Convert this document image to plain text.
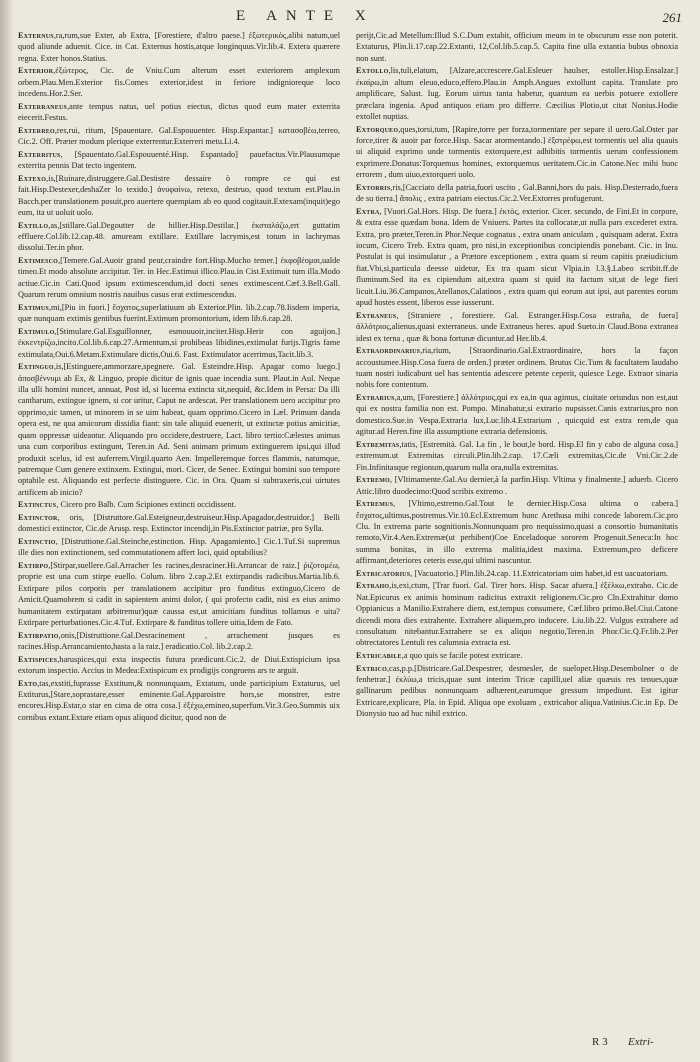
E ANTE X	261

Externus,ra,rum,sue Exter, ab Extra, [Forestiere, d'altro paese.] ἐξωτερικὸς,alibi natum,uel quod aliunde aduenit. Cice. in Cat. Externus hostis,atque longinquus.Vir.lib.4. Extera quærere regna. Exter honos.Statius.

Exterior,ἐξώτερος, Cic. de Vniu.Cum alterum esset exteriorem amplexum orbem.Plau.Men.Exterior fis.Comes exterior,idest in feriore indignioreque loco incedens.Hor.2.Ser.

Exterraneus,ante tempus natus, uel potius eiectus, dictus quod eum mater exterrita eiecerit.Festus.

Exterreo,res,rui, ritum, [Spauentare. Gal.Espouuenter. Hisp.Espantar.] κατασοβέω,terreo, Cic.2. Off. Præter modum plerique exterrentur.Exterreri metu.Li.4.

Exterritus, [Spauentato.Gal.Espouuenté.Hisp. Espantado] pauefactus.Vir.Plausumque exterrita pennis Dat tecto ingentem.

Extexo,is,[Ruinare,distruggere.Gal.Destistre dessaire ò rompre ce qui est fait.Hisp.Destexer,deshaZer lo texido.] ἀνυφαίνω, retexo, destruo, quod textum est.Plau.in Bacch.per translationem posuit,pro auertere quempiam ab eo quod cogitauit.Extexam(inquit)ego eum, ita ut uoluit uolo.

Extillo,as,[stillare.Gal.Degoutter de hillier.Hisp.Destilar.] ἐκσταλάζω,ert guttatim effluere.Col.lib.12.cap.48. amuream extillare. Extillare lacrymis,est totum in lachrymas dissolui.Ter.in phor.

Extimesco,[Temere.Gal.Auoir grand peur,craindre fort.Hisp.Mucho temer.] ἐκφοβέομαι,ualde timeo.Et modo absolute accipitur. Ter. in Hec.Extimui illico.Plau.in Cist.Extimuit tum illa.Modo actiue.Cic.in Cati.Quod ipsum extimescendum,id docti senes extimescent.Cæf.3.Bell.Gall. Quarum rerum omnium nostris nauibus casus erat extimescendus.

Extimus,mi,[Piu in fuori.] ἔσχατος,superlatiuum ab Exterior.Plin. lib.2.cap.78.Iisdem imperia, quæ nunquam extimis gentibus fuerint.Extimum promontorium, idem lib.6.cap.28.

Extimulo,[Stimulare.Gal.Esguillonner, esmouuoir,inciter.Hisp.Herir con aguijon.] ἐκκεντρίζω,incito.Col.lib.6.cap.27.Armentum,si prohibeas libidines,extimulat furijs.Tigris fame extimulata,Oui.6.Metam.Extimulare dictis,Oui.6. Fast. Extimulator acerrimus,Tacit.lib.3.

Extinguo,is,[Estinguere,ammorzare,spegnere. Gal. Esteindre.Hisp. Apagar como luego.] ἀποσβέννυμι ab Ex, & Linguo, propie dicitur de ignis quae incendia sunt. Plaut.in Aul. Neque illa ulli homini nuncet, annuat, Post id, si lucerna extincta sit,nequid, &c.Idem in Persa: Da illi cantharum, extingue ignem, si cor uritur, Caput ne ardescat. Per translationem uero accipitur pro opprimo,sic tamen, ut minorem in se uim habeat, quam opprimo.Cicero in Læl. Primum danda opera est, ne qua amicorum dissidia fiant: sin tale aliquid euenerit, ut extinctæ potius amicitiæ, quam oppressæ uideantur. Aliquando pro occidere,destruere, Lact. libro tertio:Cælestes animas una cum corporibus extingunt, Teren.in Ad. Seni animam primum extinguerem ipsi,qui illud produxit scelus, id est auferrem.Virgil.quarto Aen. Impelleremque forces flammis, natumque, patremque Cum genere extinxem. Extingui, mori. Cicer, de Senec. Extingui homini suo tempore optabile est. Aliquando est perfecte distinguere. Cic. in Ora. Quam si subtraxeris,cui uirtutes artificem ab inicio?

Extinctus, Cicero pro Balb. Cum Scipiones extincti occidissent.

Extinctor, oris, [Distruttore.Gal.Esteigneur,destruiseur.Hisp.Apagador,destruidor.] Belli domestici extinctor, Cic.de Arusp. resp. Extinctor incendij,in Pis.Extinctor patriæ, pro Sylla.

Extinctio, [Distruttione.Gal.Steinche,estinction. Hisp. Apagamiento.] Cic.1.Tuf.Si supremus ille dies non extinctionem, sed commutationem affert loci, quid optabilius?

Extirpo,[Stirpar,suellere.Gal.Arracher les racines,desraciner.Hi.Arrancar de raiz.] ῥιζοτομέω, proprie est una cum stirpe euello. Colum. libro 2.cap.2.Et extirpandis radicibus.Martia.lib.6. Extirpare pilos corporis per translationem accipitur pro funditus extinguo,Cicero de Amicit.Quamobrem si cadit in sapientem animi dolor, ( qui profecto cadit, nisi ex eius animo humanitatem extirpatam arbitremur)quæ caussa est,ut amicitiam funditus tollamus e uita?Extirpare perturbationes.Cic.4.Tuf. Extirpare & funditus tollere uitia,Idem de Fato.

Extirpatio,onis,[Distruttione.Gal.Desracinement , arrachement jusques es racines.Hisp.Arrancamiento,hasta a la raiz.] eradicatio.Col. lib.2.cap.2.

Extispices,haruspices,qui exta inspectis futura prædicunt.Cic.2. de Diui.Extispicium ipsa extorum inspectio. Accius in Medea:Extispicum ex prodigijs congruens ars te arguit.

Exto,tas,exstiti,fuprasse Exstitum,& nonnunquam, Extatum, unde participium Extaturus, uel Extiturus,[Stare,soprastare,esser eminente.Gal.Apparoistre hors,se monstrer, estre encores.Hisp.Estar,o star en cima de otra cosa.] ἐξέχω,emineo,superfum.Vir.3.Geo.Summis uix cornibus extant.Extare etiam opus aliquod dicitur, quod non de

perijt,Cic.ad Metellum:Illud S.C.Dum extabit, officium meum in te obscurum esse non poterit. Extaturus, Plin.li.17.cap.22.Extanti, 12,Col.lib.5.cap.5. Capita fine ulla extantia bubus obnoxia non sunt.

Extollo,lis,tuli,elatum, [Alzare,accrescere.Gal.Esleuer haulser, estoller.Hisp.Ensalzar.] ἐκαίρω,in altum eleuo,educo,effero.Plau.in Amph.Angues extollunt capita. Translate pro amplificare, Salust. Iug. Eorum uirtus tanta habetur, quantum ea uerbis potuere extollere præclara ingenia. Apud antiquos etiam pro differre. Cæcilius Plotio,ut citat Nonius.Hodie extollet nuptias.

Extorqueo,ques,torsi,tum, [Rapire,torre per forza,tormentare per separe il uero.Gal.Oster par force,tirer & auoir par force.Hisp. Sacar atormentando.] ἐξστρέφω,est tormentis uel alia quauis ui aliquid exprimo unde tormentis extorquere,est adhibitis tormentis uerum confessionem exprimere.Donatus:Torquemus homines, extorquemus ueritatem.Cic.in Catone.Nec mihi hunc errorem , dum uiuo,extorqueri uolo.

Extorris,ris,[Cacciato della patria,fuori uscito , Gal.Banni,hors du pais. Hisp.Desterrado,fuera de su tierra.] ἄπολις , extra patriam eiectus.Cic.2.Ver.Extorres profugerunt.

Extra, [Vuori.Gal.Hors. Hisp. De fuera.] ἐκτὸς, exterior. Cicer. secundo, de Fini.Et in corpore, & extra esse quædam bona. Idem de Vniuers. Partes ita collocatæ,ut nulla pars excederet extra. Extra, pro præter,Teren.in Phor.Neque cognatus , extra unam aniculam , quisquam aderat. Extra iocum, Cicero Treb. Extra quam, pro nisi,in exceptionibus concipiendis ponebant. Cic. in Inu. Postulat is qui insimulatur , a Prætore exceptionem , extra quam si reum capitis præiudicium fiat.Vbi,si,particula deesse uidetur, Ex tra quam sicut Vlpia.in l.3.§.Labeo scribit.ff.de fluminum.Sed ita ex cipiendum ait,extra quam si quid ita factum sit,ut de lege fieri licuit.Liu.36.Campanos,Atellanos,Calatinos , extra quam qui eorum aut ipsi, aut parentes eorum apud hostes essent, liberos esse iusserunt.

Extraneus, [Straniere , forestiere. Gal. Estranger.Hisp.Cosa estraña, de fuera] ἀλλότριος,alienus,quasi exterraneus. unde Extraneus heres. apud Sueto.in Claud.Bona extranea idest ex terna , quæ & bona fortunæ dicuntur.ad Her.lib.4.

Extraordinarius,ria,rium, [Straordinario.Gal.Extraordinaire, hors la façon accoustumee.Hisp.Cosa fuera de orden.] præter ordinem. Brutus Cic.Tum & facultatem laudabo tuam nostri iudicabunt uel has sententia adescere petente ceperit, quiesce Lege. Extraor sinaria nobis fore contentum.

Extrarius,a,um, [Forestiere.] ἀλλότριος,qui ex ea,in qua agimus, ciuitate oriundus non est,aut qui ex nostra familia non est. Pompo. Minabatur,si extrario nupsisset.Canis extrarius,pro non domestico.Sue.in Vespa.Extraria lux,Luc.lib.4.Extrarium , quicquid est extra rem,de qua agitur.ad Heren.fine illa assumptione extraria defensionis.

Extremitas,tatis, [Estremità. Gal. La fin , le bout,le bord. Hisp.El fin y cabo de alguna cosa.] extremum.ut Extremitas circuli.Plin.lib.2.cap. 17.Cæli extremitas,Cic.de Vni.Cic.2.de Fin.Infinitasque regionum,quarum nulla ora,nulla extremitas.

Extremo, [Vltimamente.Gal.Au dernier,à la parfin.Hisp. Vltima y finalmente.] aduerb. Cicero Attic.libro duodecimo:Quod scribis extremo .

Extremus, [Vltimo,estremo.Gal.Tout le dernier.Hisp.Cosa ultima o cabera.] ἔσχατος,ultimus,postremus.Vir.10.Ecl.Extremum hunc Arethusa mihi concede laborem.Cic.pro Clu. In extrema parte sognitionis.Nonnunquam pro nequissimo,quasi a consortio humanitatis remoto,Vir.4.Aen.Extremæ(ut perhibent)Coe Enceladoque sororem Progenuit.Seneca:In hoc summa bonitas, in illo extrema malitia,idest maxima. Extremum,pro deficere affirmant,deteriores ceteris esse,qui ultimi nascuntur.

Extricatorius, [Vacuatorio.] Plin.lib.24.cap. 11.Extricatoriam uim habet,id est uacuatoriam.

Extraho,is,exi,ctum, [Trar fuori. Gal. Tirer hors. Hisp. Sacar afuera.] ἐξέλκω,extraho. Cic.de Nat.Epicurus ex animis hominum radicitus extraxit religionem.Cic.pro Cln.Extrahitur domo Oppianicus a Manilio.Extrahere diem, est,tempus consumere, Cæf.libro primo.Bel.Ciui.Catone dicendi mora dies extrahente. Extrahere aliquem,pro inducere. Liu.lib.22. Vulgus extrahere ad consultatum nitebantur.Extrahere se ex aliquo negotio,Teren.in Phor.Cic.Q.Fr.lib.2.Per obtrectatores Lentuli res calumnia extracta est.

Extricabile,a quo quis se facile potest extricare.

Extrico,cas,p.p.[Districare.Gal.Despestrer, desmesler, de sueloper.Hisp.Desembolner o de fenhetrar.] ἐκλύω,a tricis,quae sunt interim Tricæ capilli,uel aliæ quæuis res tenues,quæ gallinarum pedibus nonnunquam adhærent,earumque gressum impediunt. Est igitur Extricare,explicare, Pla. in Epid. Aliqua ope exoluam , extricabor aliqua.Vatinius.Cic.in Ep. De Dionysio tuo ad huc nihil extrico.

R 3 Extri-
